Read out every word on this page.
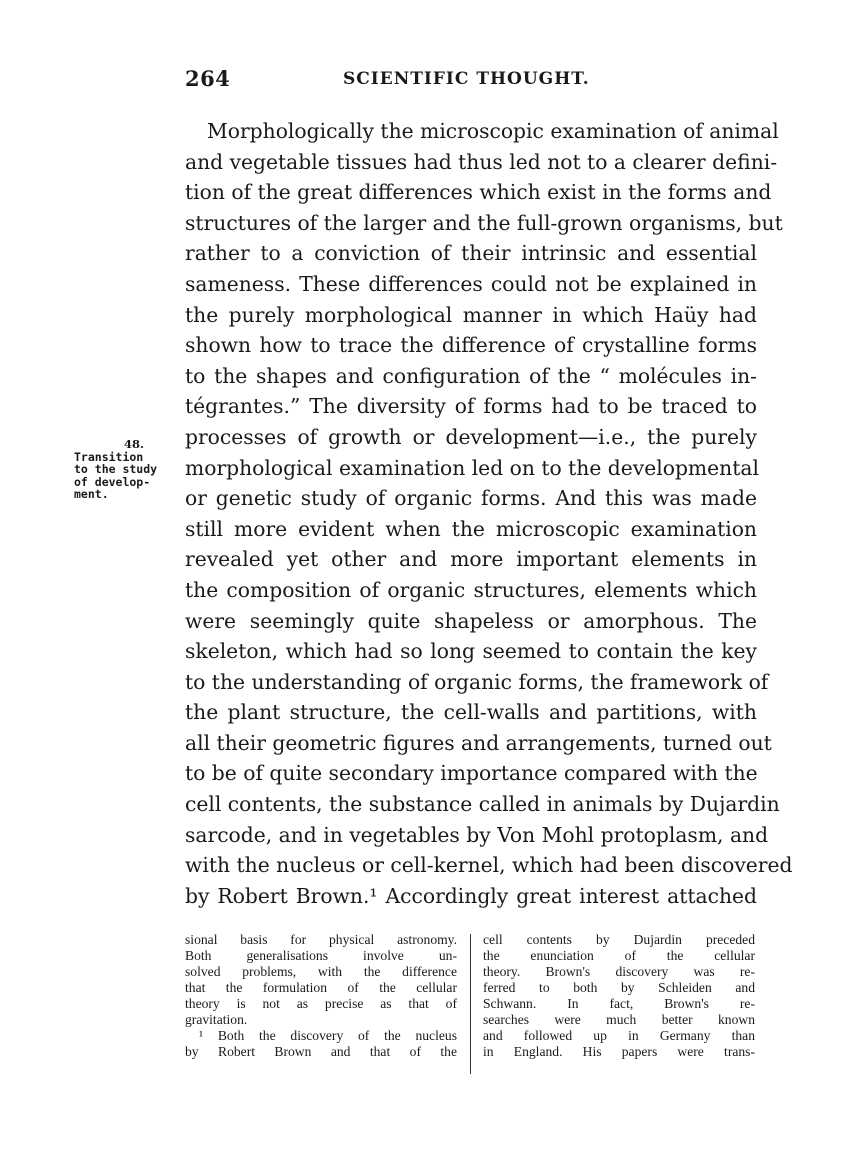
264	SCIENTIFIC THOUGHT.
48.
Transition
to the study
of develop-
ment.
Morphologically the microscopic examination of animal
and vegetable tissues had thus led not to a clearer defini-
tion of the great differences which exist in the forms and
structures of the larger and the full-grown organisms, but
rather to a conviction of their intrinsic and essential
sameness. These differences could not be explained in
the purely morphological manner in which Haüy had
shown how to trace the difference of crystalline forms
to the shapes and configuration of the “ molécules in-
tégrantes.” The diversity of forms had to be traced to
processes of growth or development—i.e., the purely
morphological examination led on to the developmental
or genetic study of organic forms. And this was made
still more evident when the microscopic examination
revealed yet other and more important elements in
the composition of organic structures, elements which
were seemingly quite shapeless or amorphous. The
skeleton, which had so long seemed to contain the key
to the understanding of organic forms, the framework of
the plant structure, the cell-walls and partitions, with
all their geometric figures and arrangements, turned out
to be of quite secondary importance compared with the
cell contents, the substance called in animals by Dujardin
sarcode, and in vegetables by Von Mohl protoplasm, and
with the nucleus or cell-kernel, which had been discovered
by Robert Brown.¹ Accordingly great interest attached
sional basis for physical astronomy.
Both generalisations involve un-
solved problems, with the difference
that the formulation of the cellular
theory is not as precise as that of
gravitation.
¹ Both the discovery of the nucleus
by Robert Brown and that of the
cell contents by Dujardin preceded
the enunciation of the cellular
theory. Brown's discovery was re-
ferred to both by Schleiden and
Schwann. In fact, Brown's re-
searches were much better known
and followed up in Germany than
in England. His papers were trans-
